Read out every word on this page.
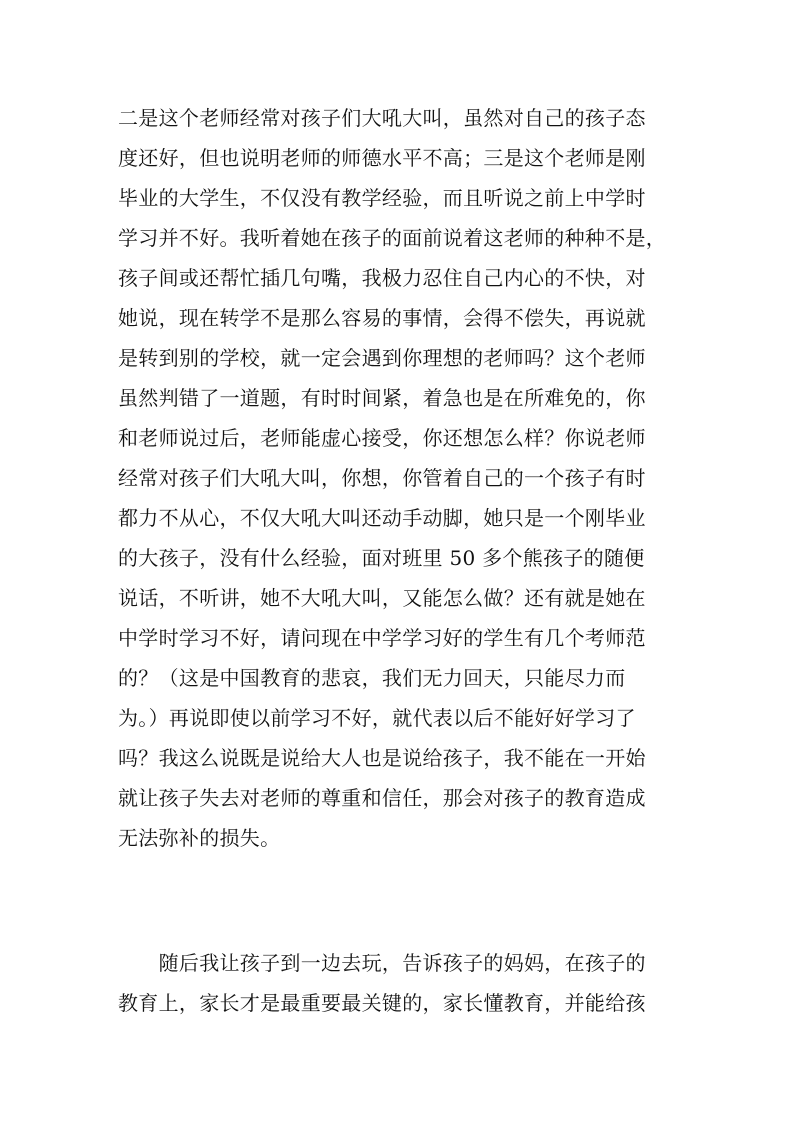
二是这个老师经常对孩子们大吼大叫，虽然对自己的孩子态
度还好，但也说明老师的师德水平不高；三是这个老师是刚
毕业的大学生，不仅没有教学经验，而且听说之前上中学时
学习并不好。我听着她在孩子的面前说着这老师的种种不是，
孩子间或还帮忙插几句嘴，我极力忍住自己内心的不快，对
她说，现在转学不是那么容易的事情，会得不偿失，再说就
是转到别的学校，就一定会遇到你理想的老师吗？这个老师
虽然判错了一道题，有时时间紧，着急也是在所难免的，你
和老师说过后，老师能虚心接受，你还想怎么样？你说老师
经常对孩子们大吼大叫，你想，你管着自己的一个孩子有时
都力不从心，不仅大吼大叫还动手动脚，她只是一个刚毕业
的大孩子，没有什么经验，面对班里 50 多个熊孩子的随便
说话，不听讲，她不大吼大叫，又能怎么做？还有就是她在
中学时学习不好，请问现在中学学习好的学生有几个考师范
的？（这是中国教育的悲哀，我们无力回天，只能尽力而
为。）再说即使以前学习不好，就代表以后不能好好学习了
吗？我这么说既是说给大人也是说给孩子，我不能在一开始
就让孩子失去对老师的尊重和信任，那会对孩子的教育造成
无法弥补的损失。
　　随后我让孩子到一边去玩，告诉孩子的妈妈，在孩子的
教育上，家长才是最重要最关键的，家长懂教育，并能给孩
